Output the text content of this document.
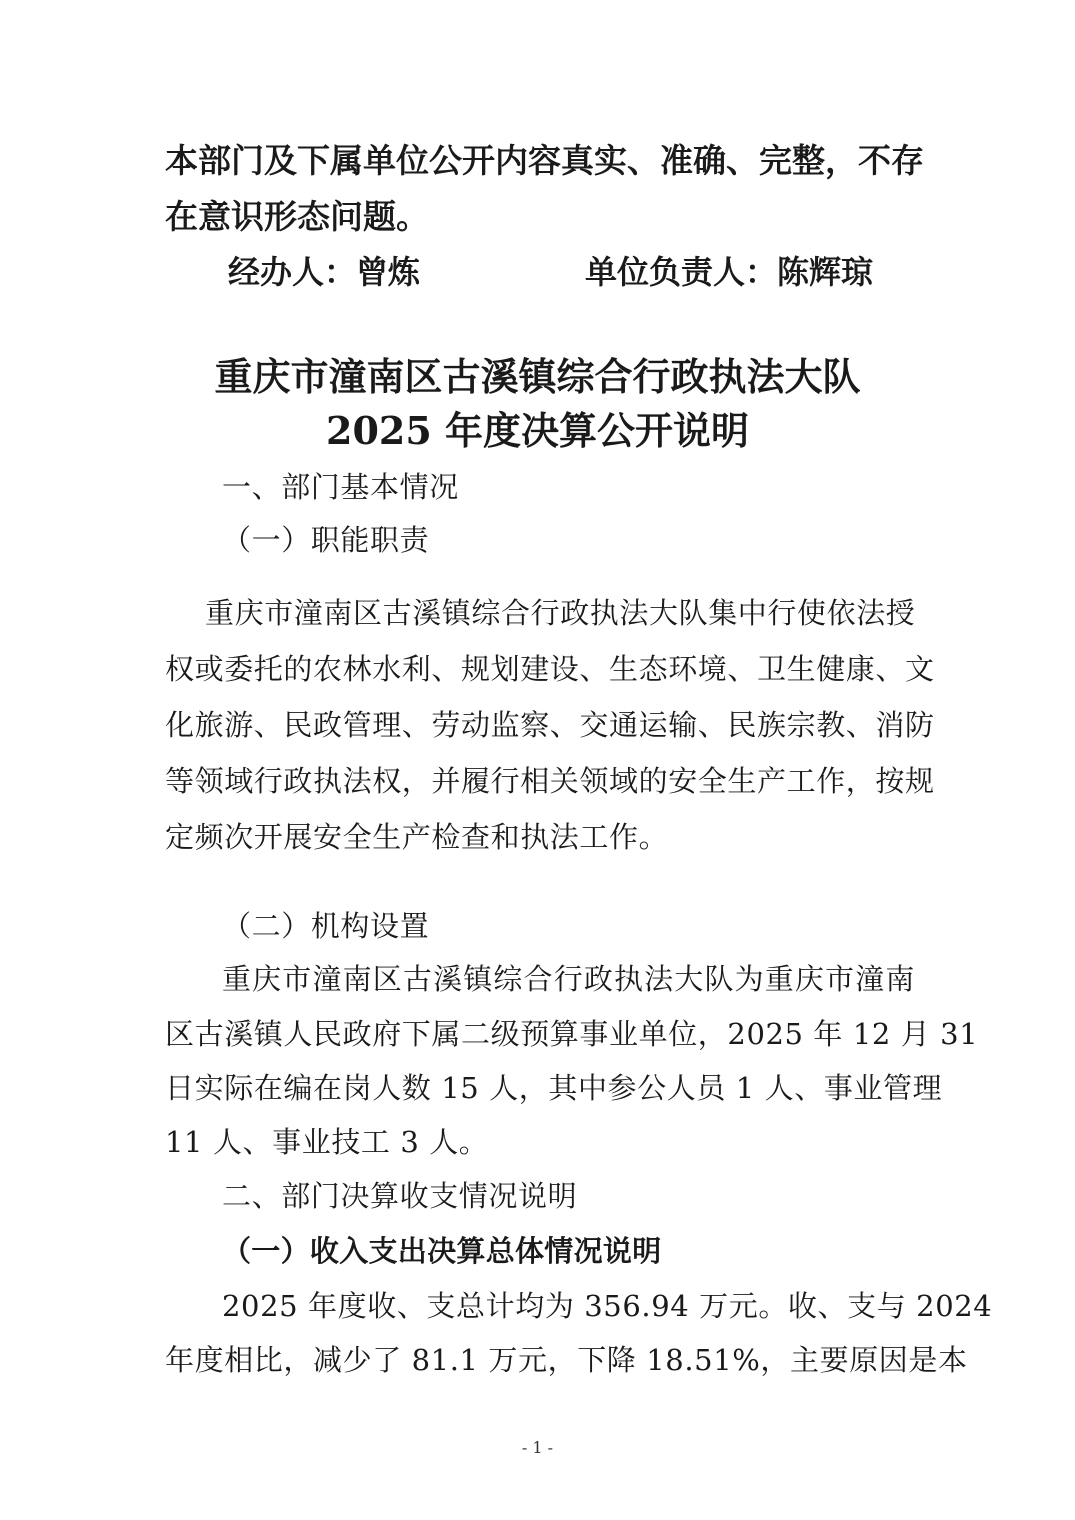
本部门及下属单位公开内容真实、准确、完整，不存
在意识形态问题。
经办人：曾炼	单位负责人：陈辉琼
重庆市潼南区古溪镇综合行政执法大队
2025 年度决算公开说明
一、部门基本情况
（一）职能职责
重庆市潼南区古溪镇综合行政执法大队集中行使依法授
权或委托的农林水利、规划建设、生态环境、卫生健康、文
化旅游、民政管理、劳动监察、交通运输、民族宗教、消防
等领域行政执法权，并履行相关领域的安全生产工作，按规
定频次开展安全生产检查和执法工作。
（二）机构设置
重庆市潼南区古溪镇综合行政执法大队为重庆市潼南
区古溪镇人民政府下属二级预算事业单位，2025 年 12 月 31
日实际在编在岗人数 15 人，其中参公人员 1 人、事业管理
11 人、事业技工 3 人。
二、部门决算收支情况说明
（一）收入支出决算总体情况说明
2025 年度收、支总计均为 356.94 万元。收、支与 2024
年度相比，减少了 81.1 万元，下降 18.51%，主要原因是本
- 1 -
